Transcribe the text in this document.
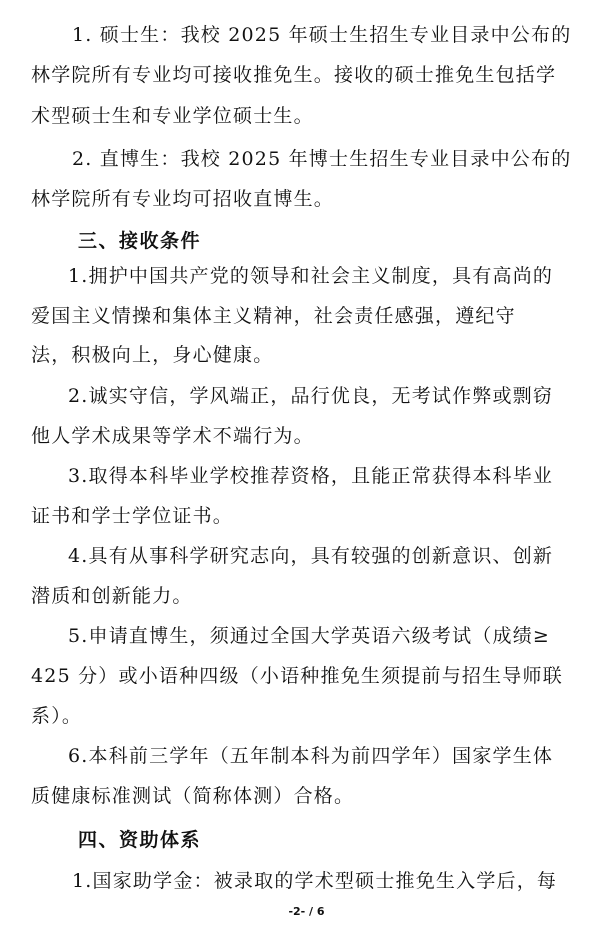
1. 硕士生：我校 2025 年硕士生招生专业目录中公布的
林学院所有专业均可接收推免生。接收的硕士推免生包括学
术型硕士生和专业学位硕士生。
2. 直博生：我校 2025 年博士生招生专业目录中公布的
林学院所有专业均可招收直博生。
三、接收条件
1.拥护中国共产党的领导和社会主义制度，具有高尚的
爱国主义情操和集体主义精神，社会责任感强，遵纪守
法，积极向上，身心健康。
2.诚实守信，学风端正，品行优良，无考试作弊或剽窃
他人学术成果等学术不端行为。
3.取得本科毕业学校推荐资格，且能正常获得本科毕业
证书和学士学位证书。
4.具有从事科学研究志向，具有较强的创新意识、创新
潜质和创新能力。
5.申请直博生，须通过全国大学英语六级考试（成绩≥
425 分）或小语种四级（小语种推免生须提前与招生导师联
系）。
6.本科前三学年（五年制本科为前四学年）国家学生体
质健康标准测试（简称体测）合格。
四、资助体系
1.国家助学金：被录取的学术型硕士推免生入学后，每
-2- / 6
